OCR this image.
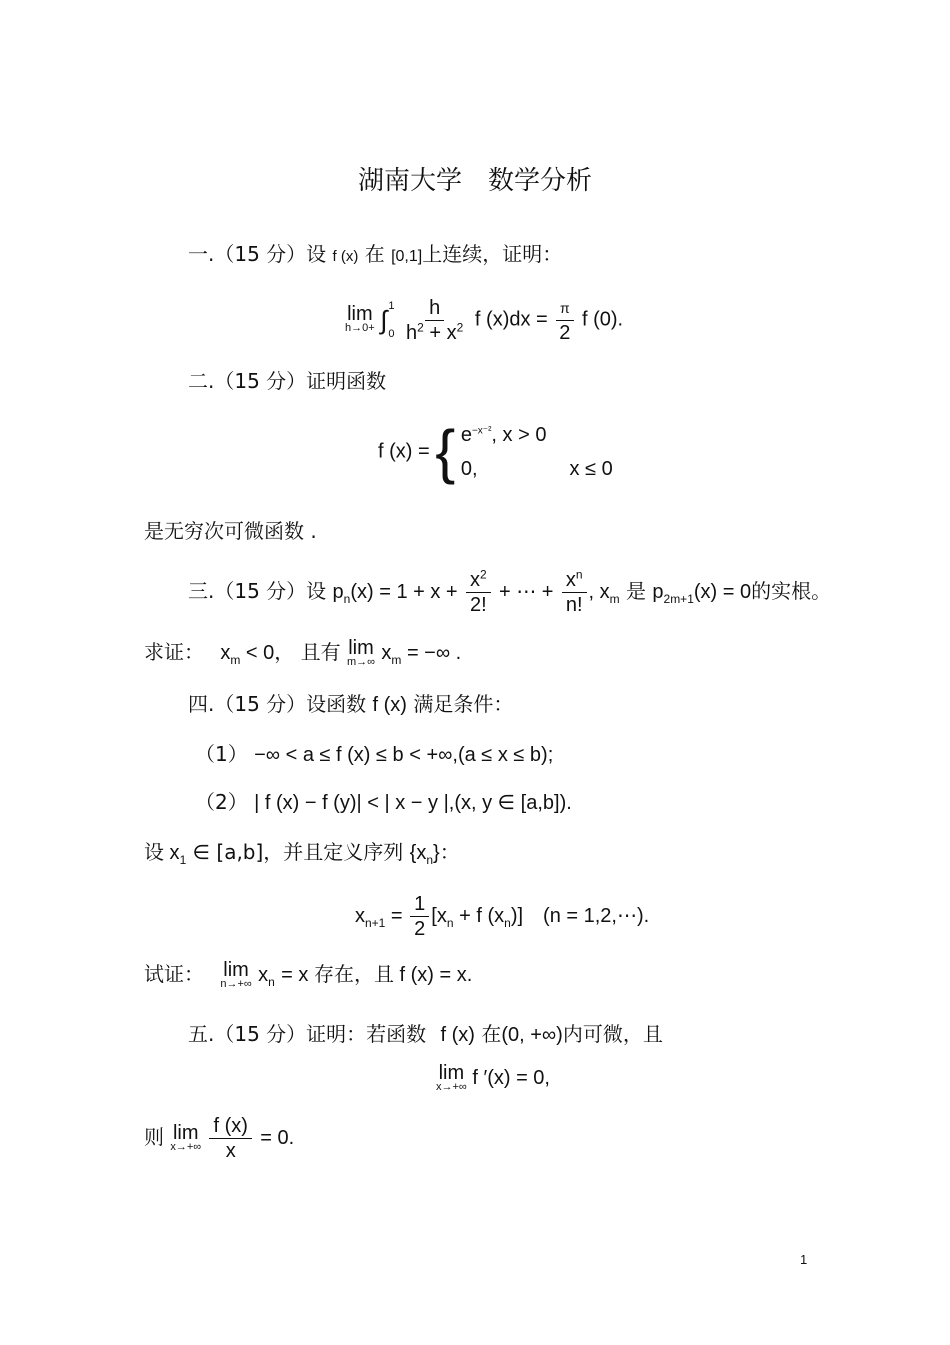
湖南大学　数学分析
一.（15 分）设 f (x) 在 [0,1]上连续，证明：
lim
h→0+
∫ 1
0
$\frac{h}{h^2 + x^2}$ f $(x)dx = \frac{\pi}{2}$ f (0).
二.（15 分）证明函数
f (x) = { $e^{-x^{-2}}$, x > 0
0,	x ≤ 0
是无穷次可微函数 .
三.（15 分）设 $p_n(x) = 1 + x + \frac{x^2}{2!}$ + ⋯ + $\frac{x^n}{n!}$ , $x_m$ 是 $p_{2m+1}(x) = 0$的实根。
求证： $x_m < 0$， 且有 lim
m→∞ $x_m$ = −∞ .
四.（15 分）设函数 f (x) 满足条件：
（1） −∞ < a ≤ f (x) ≤ b < +∞,(a ≤ x ≤ b);
（2） | f (x) − f (y)| < | x − y |,(x, y ∈ [a,b]).
设 $x_1$ ∈ [a,b]，并且定义序列 $\{x_n\}$：
$x_{n+1} = \frac{1}{2} [x_n + f$ $(x_n)$]　(n = 1,2,⋯).
试证： lim
n→+∞ $x_n = x$ 存在，且 f (x) = x.
五.（15 分）证明：若函数 f (x) 在(0, +∞)内可微，且
lim
x→+∞ f ′(x) = 0,
则 lim
x→+∞
$\frac{f (x)}{x} = 0$.
1
